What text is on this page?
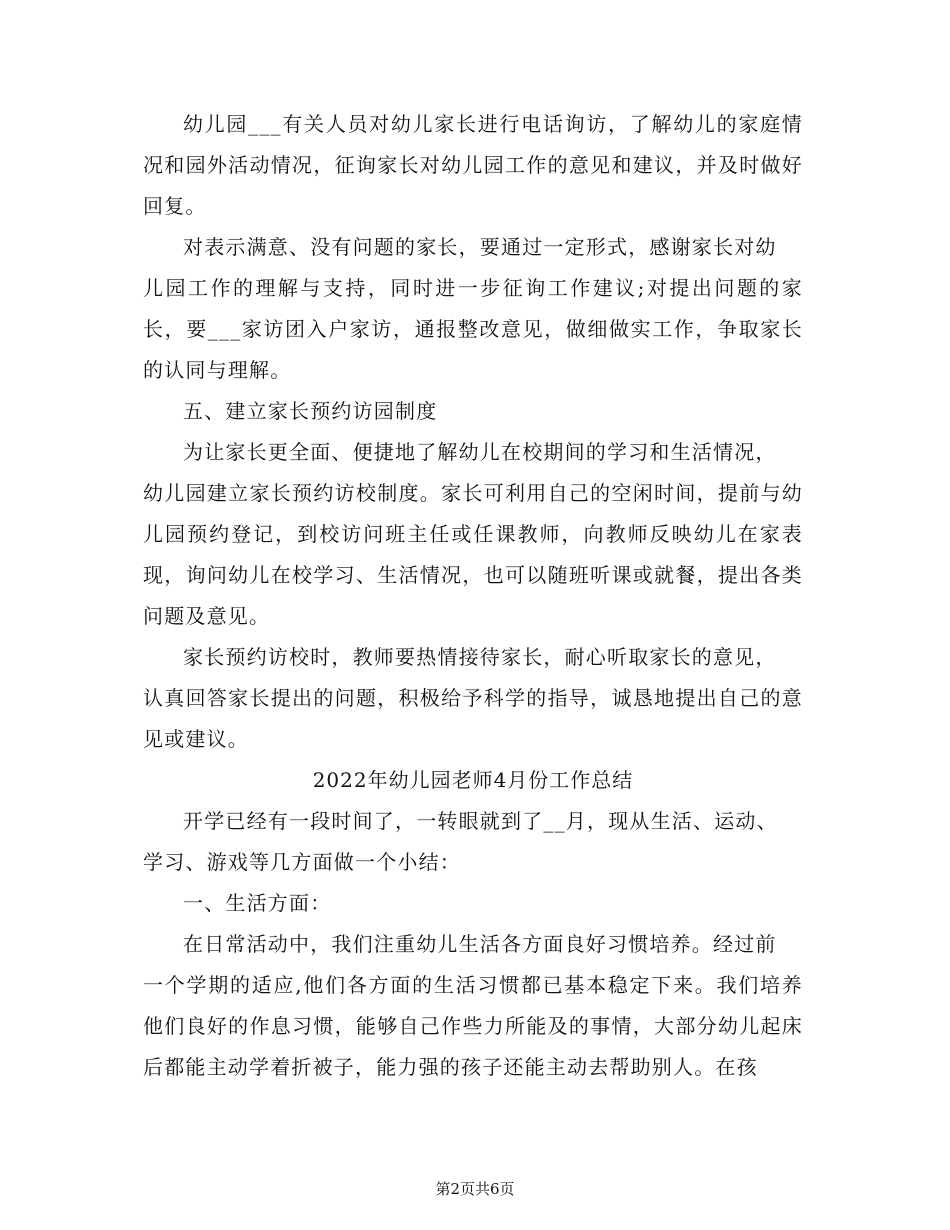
幼儿园___有关人员对幼儿家长进行电话询访，了解幼儿的家庭情况和园外活动情况，征询家长对幼儿园工作的意见和建议，并及时做好回复。

对表示满意、没有问题的家长，要通过一定形式，感谢家长对幼

儿园工作的理解与支持，同时进一步征询工作建议;对提出问题的家长，要___家访团入户家访，通报整改意见，做细做实工作，争取家长的认同与理解。

五、建立家长预约访园制度

为让家长更全面、便捷地了解幼儿在校期间的学习和生活情况，

幼儿园建立家长预约访校制度。家长可利用自己的空闲时间，提前与幼儿园预约登记，到校访问班主任或任课教师，向教师反映幼儿在家表现，询问幼儿在校学习、生活情况，也可以随班听课或就餐，提出各类问题及意见。

家长预约访校时，教师要热情接待家长，耐心听取家长的意见，

认真回答家长提出的问题，积极给予科学的指导，诚恳地提出自己的意见或建议。

2022年幼儿园老师4月份工作总结

开学已经有一段时间了，一转眼就到了__月，现从生活、运动、

学习、游戏等几方面做一个小结：

一、生活方面：

在日常活动中，我们注重幼儿生活各方面良好习惯培养。经过前

一个学期的适应,他们各方面的生活习惯都已基本稳定下来。我们培养他们良好的作息习惯，能够自己作些力所能及的事情，大部分幼儿起床后都能主动学着折被子，能力强的孩子还能主动去帮助别人。在孩

第2页共6页
